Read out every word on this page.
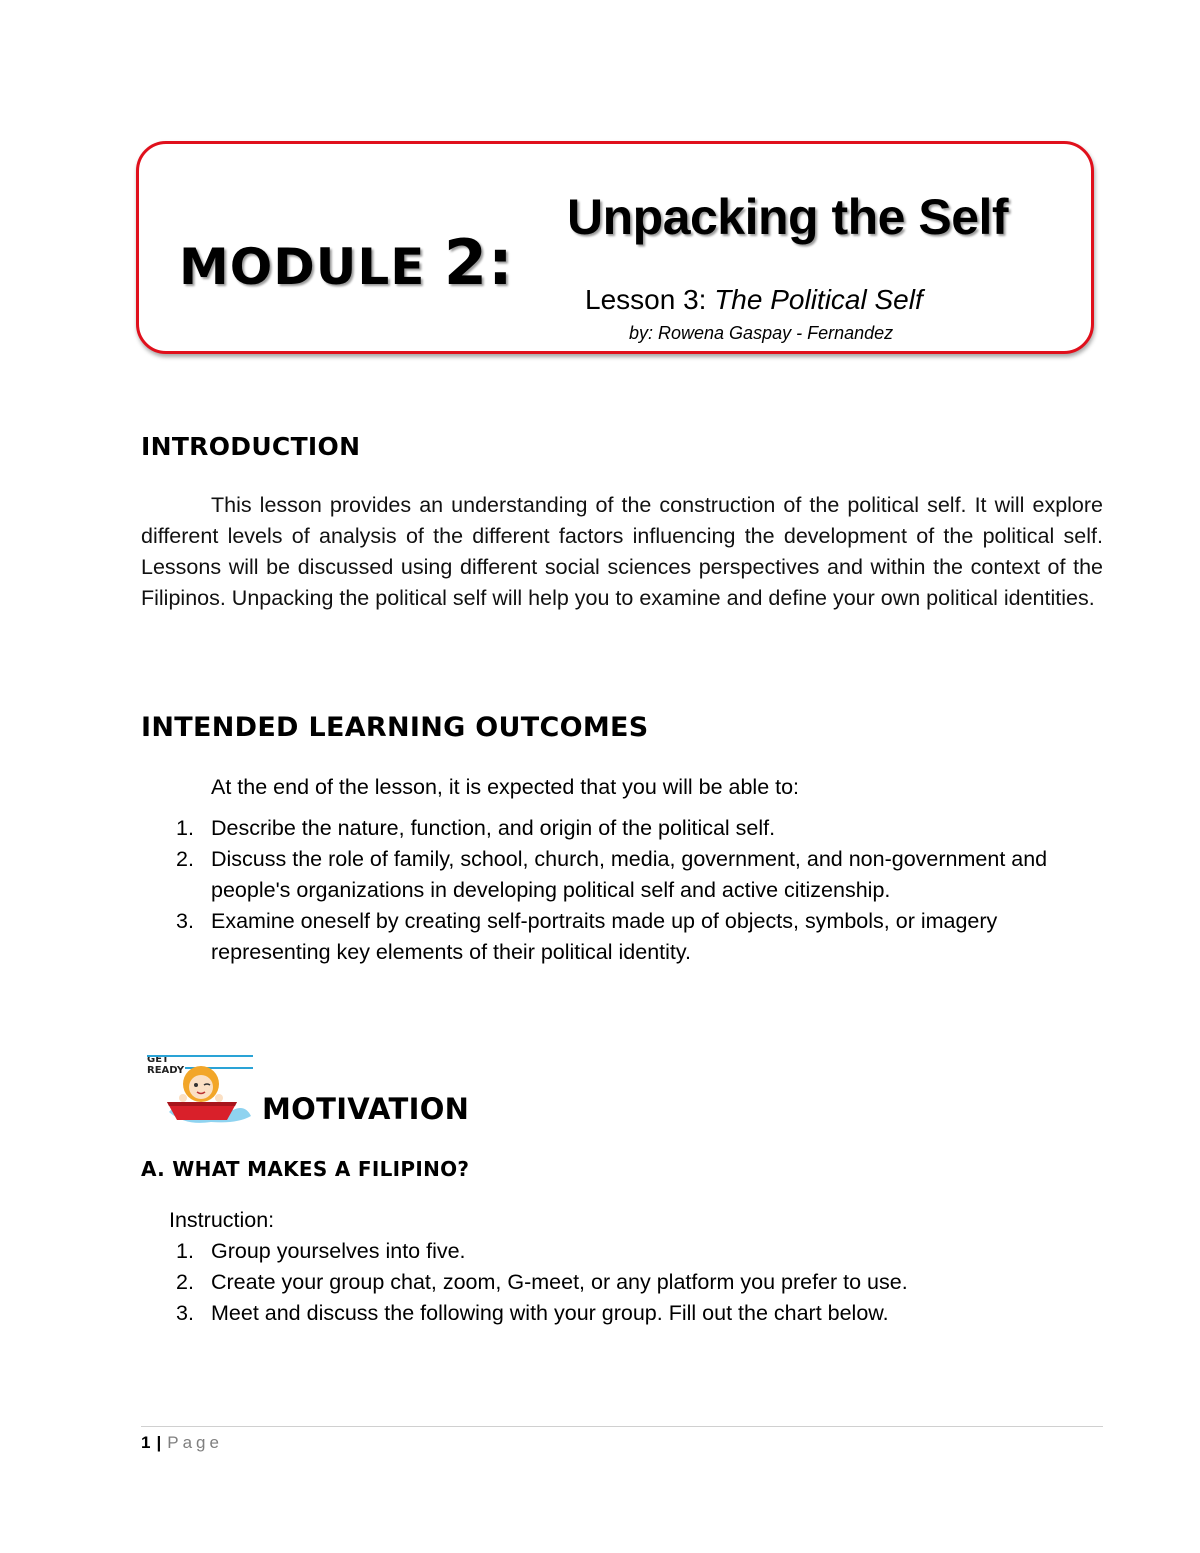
MODULE 2:
Unpacking the Self
Lesson 3: The Political Self
by: Rowena Gaspay - Fernandez
INTRODUCTION
This lesson provides an understanding of the construction of the political self. It will explore different levels of analysis of the different factors influencing the development of the political self. Lessons will be discussed using different social sciences perspectives and within the context of the Filipinos. Unpacking the political self will help you to examine and define your own political identities.
INTENDED LEARNING OUTCOMES
At the end of the lesson, it is expected that you will be able to:
1. Describe the nature, function, and origin of the political self.
2. Discuss the role of family, school, church, media, government, and non-government and people's organizations in developing political self and active citizenship.
3. Examine oneself by creating self-portraits made up of objects, symbols, or imagery representing key elements of their political identity.
GET
READY
MOTIVATION
A. WHAT MAKES A FILIPINO?
Instruction:
1. Group yourselves into five.
2. Create your group chat, zoom, G-meet, or any platform you prefer to use.
3. Meet and discuss the following with your group. Fill out the chart below.
1 | Page
